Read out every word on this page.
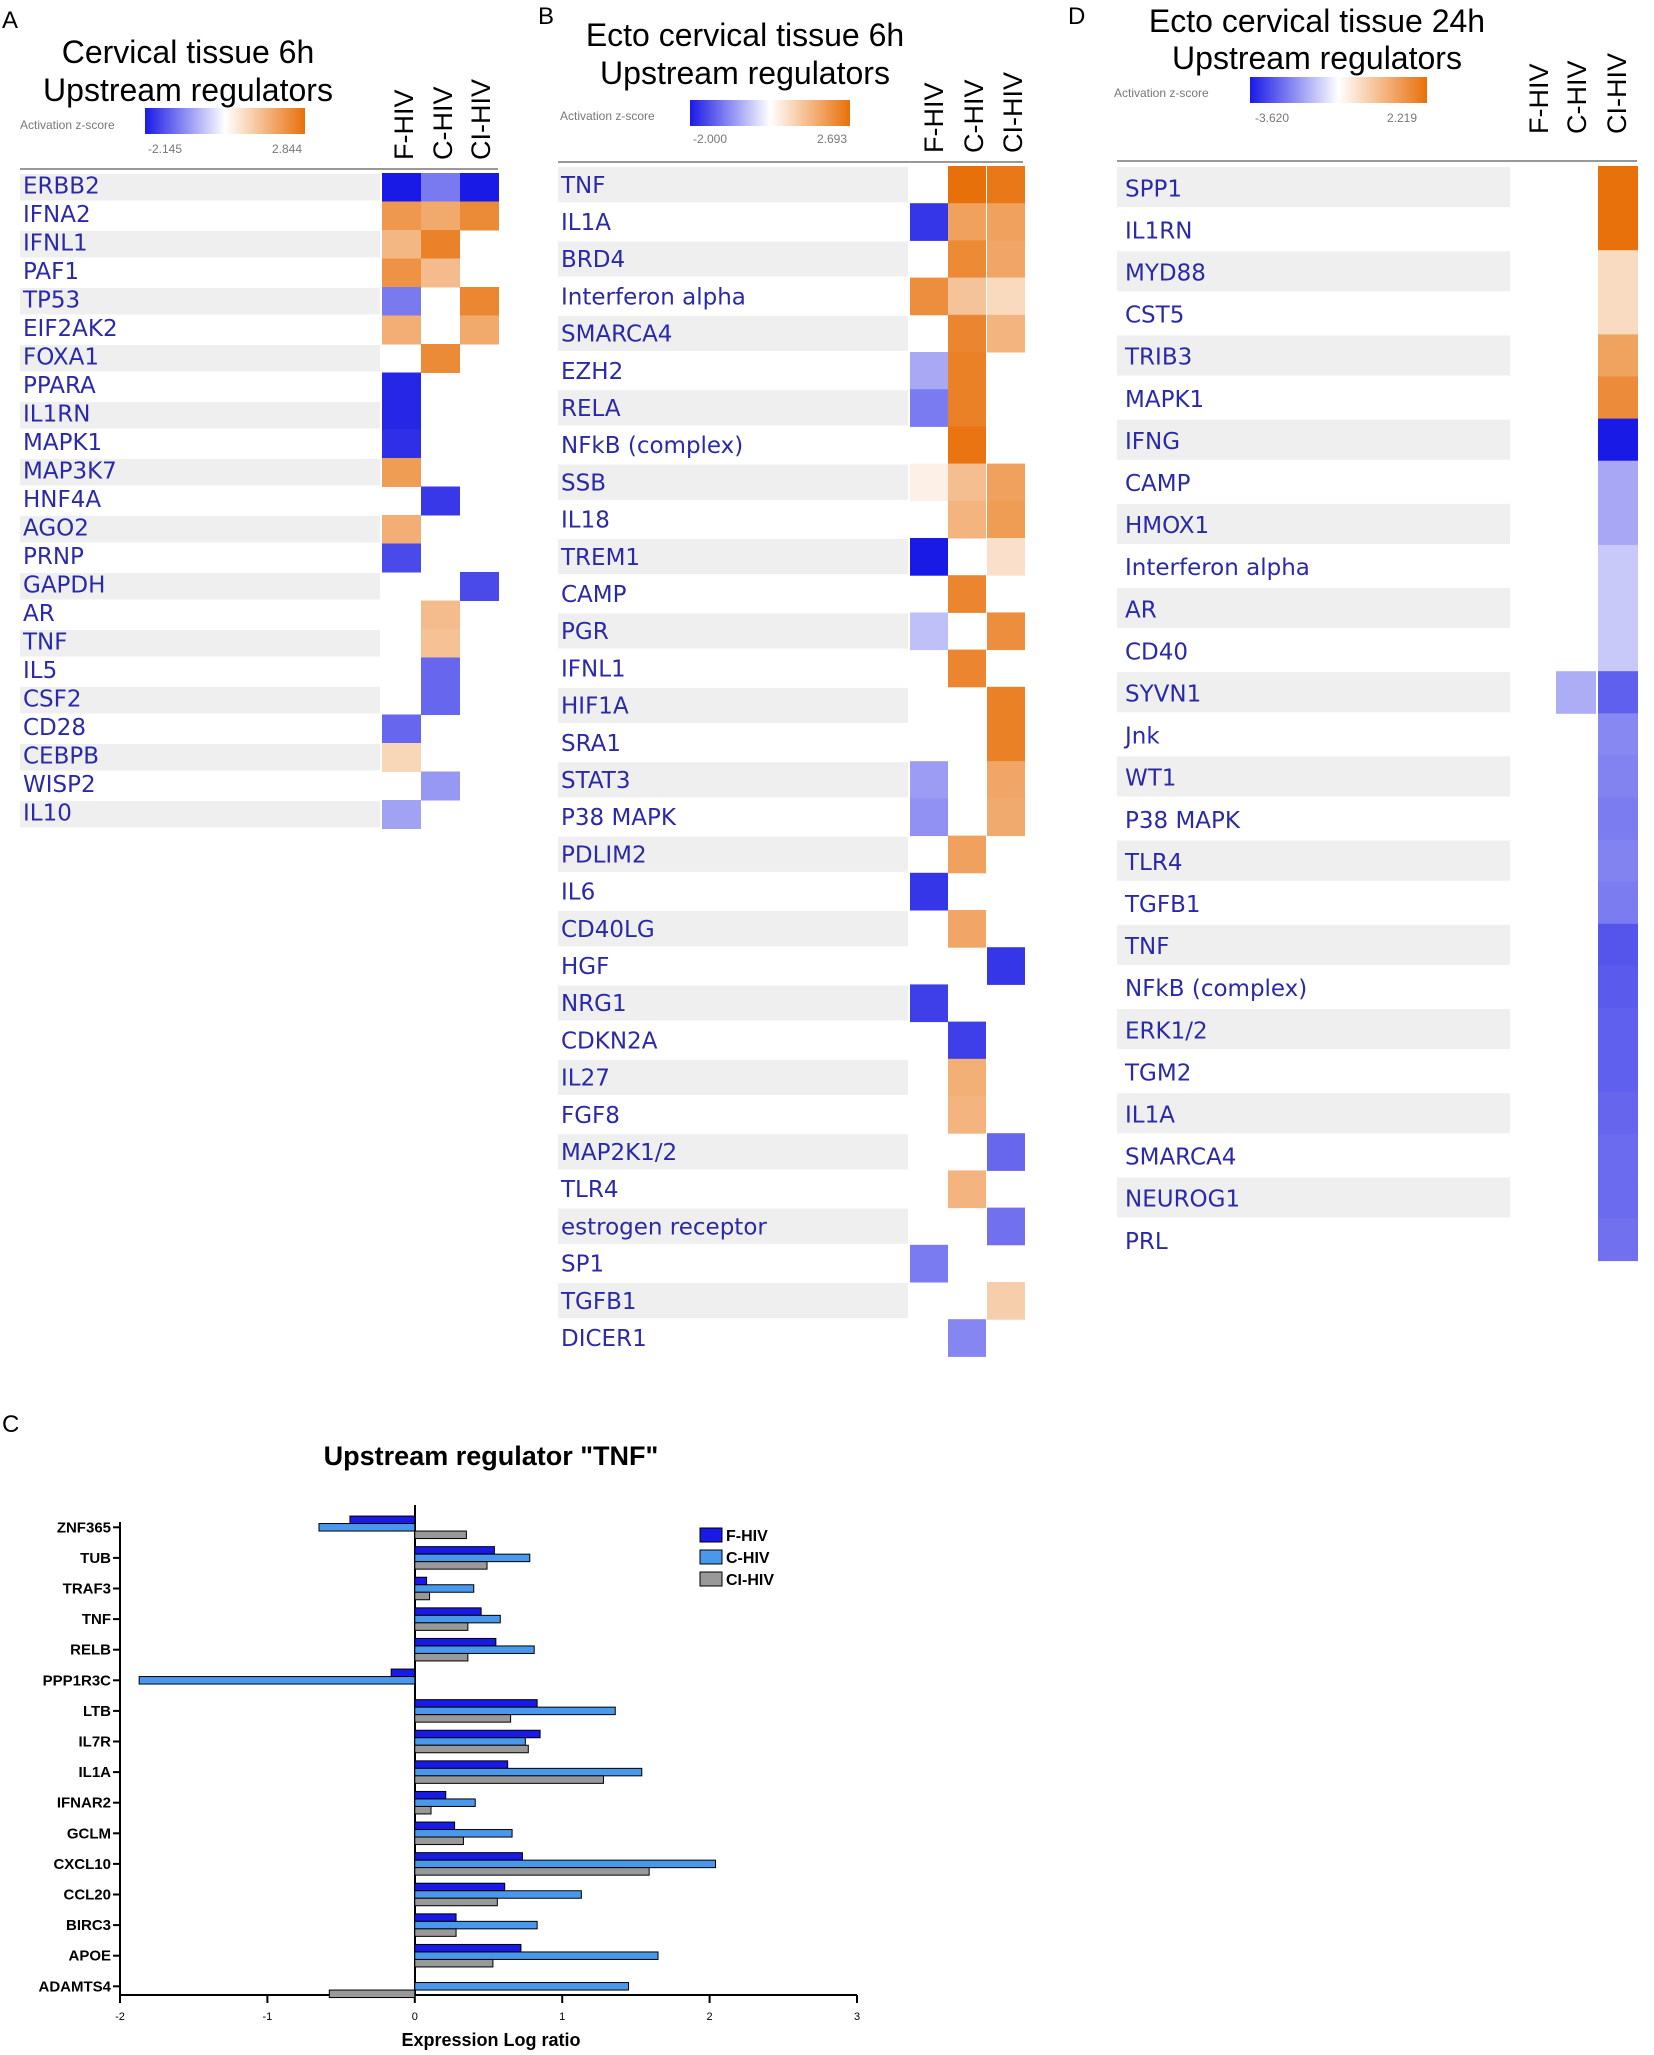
A	B	D
C
Cervical tissue 6h
Upstream regulators
Activation z-score
-2.145	2.844	F-HIV C-HIV CI-HIV
ERBB2
IFNA2
IFNL1
PAF1
TP53
EIF2AK2
FOXA1
PPARA
IL1RN
MAPK1
MAP3K7
HNF4A
AGO2
PRNP
GAPDH
AR
TNF
IL5
CSF2
CD28
CEBPB
WISP2
IL10
Ecto cervical tissue 6h
Upstream regulators
Activation z-score
-2.000	2.693	F-HIV C-HIV CI-HIV
TNF
IL1A
BRD4
Interferon alpha
SMARCA4
EZH2
RELA
NFkB (complex)
SSB
IL18
TREM1
CAMP
PGR
IFNL1
HIF1A
SRA1
STAT3
P38 MAPK
PDLIM2
IL6
CD40LG
HGF
NRG1
CDKN2A
IL27
FGF8
MAP2K1/2
TLR4
estrogen receptor
SP1
TGFB1
DICER1
Ecto cervical tissue 24h
Upstream regulators
Activation z-score
-3.620	2.219	F-HIV C-HIV CI-HIV
SPP1
IL1RN
MYD88
CST5
TRIB3
MAPK1
IFNG
CAMP
HMOX1
Interferon alpha
AR
CD40
SYVN1
Jnk
WT1
P38 MAPK
TLR4
TGFB1
TNF
NFkB (complex)
ERK1/2
TGM2
IL1A
SMARCA4
NEUROG1
PRL
Upstream regulator "TNF"
-2	-1	0	1	2	3
ZNF365
TUB
TRAF3
TNF
RELB
PPP1R3C
LTB
IL7R
IL1A
IFNAR2
GCLM
CXCL10
CCL20
BIRC3
APOE
ADAMTS4
Expression Log ratio
F-HIV
C-HIV
CI-HIV
